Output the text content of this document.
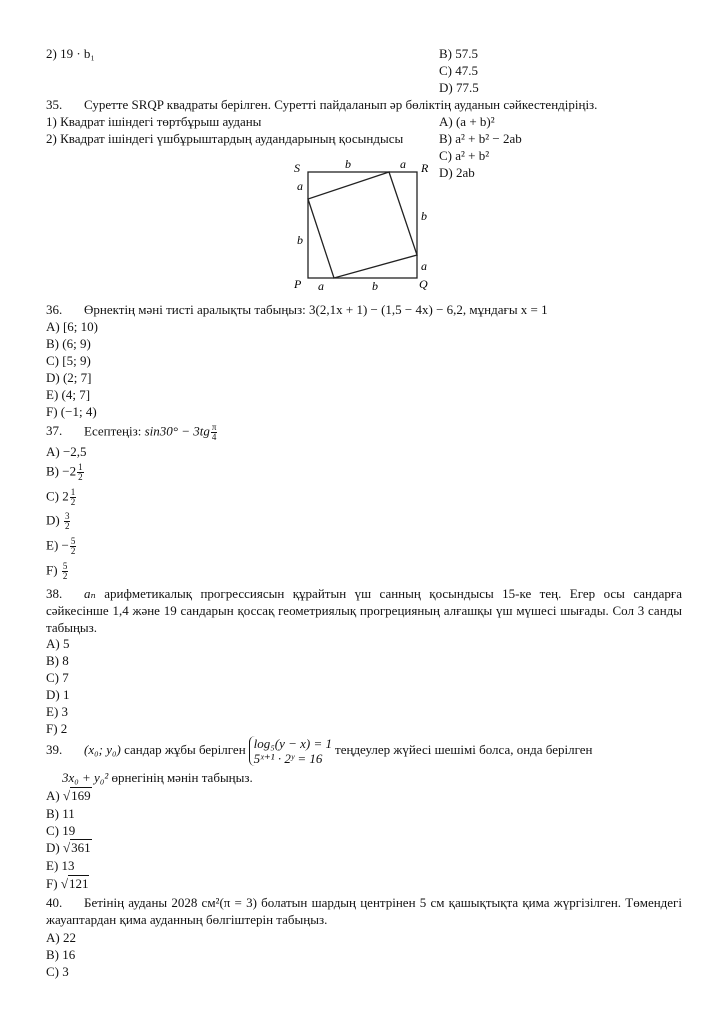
2) 19 · b₁	B) 57.5
C) 47.5
D) 77.5
35. Суретте SRQP квадраты берілген. Суретті пайдаланып әр бөліктің ауданын сәйкестендіріңіз.
1) Квадрат ішіндегі төртбұрыш ауданы
2) Квадрат ішіндегі үшбұрыштардың аудандарының қосындысы
A) (a + b)²
B) a² + b² − 2ab
C) a² + b²
D) 2ab
S	R
P	Q
b	a
a
b
b
a
a	b
36. Өрнектің мәні тисті аралықты табыңыз: 3(2,1x + 1) − (1,5 − 4x) − 6,2, мұндағы x = 1
A) [6; 10)
B) (6; 9)
C) [5; 9)
D) (2; 7]
E) (4; 7]
F) (−1; 4)
37. Есептеңіз: $\sin 30^\circ - 3tg \frac{\pi}{4}$
A) −2,5
$B) -2 \frac{1}{2}$
C) $2 \frac{1}{2}$
$D) \frac{3}{2}$
$E) - \frac{5}{2}$
$F) \frac{5}{2}$
38. aₙ арифметикалық прогрессиясын құрайтын үш санның қосындысы 15-ке тең. Егер осы сандарға сәйкесінше 1,4 және 19 сандарын қоссақ геометриялық прогрецияның алғашқы үш мүшесі шығады. Сол 3 санды табыңыз.
A) 5
B) 8
C) 7
D) 1
E) 3
F) 2
39. (x₀; y₀) сандар жұбы берілген log₅(y − x) = 1
5ˣ⁺¹ · 2ʸ = 16
теңдеулер жүйесі шешімі болса, онда берілген
3x₀ + y₀² өрнегінің мәнін табыңыз.
A) √169
B) 11
C) 19
D) √361
E) 13
F) √121
40. Бетінің ауданы 2028 см²(π = 3) болатын шардың центрінен 5 см қашықтықта қима жүргізілген. Төмендегі жауаптардан қима ауданның бөлгіштерін табыңыз.
A) 22
B) 16
C) 3
